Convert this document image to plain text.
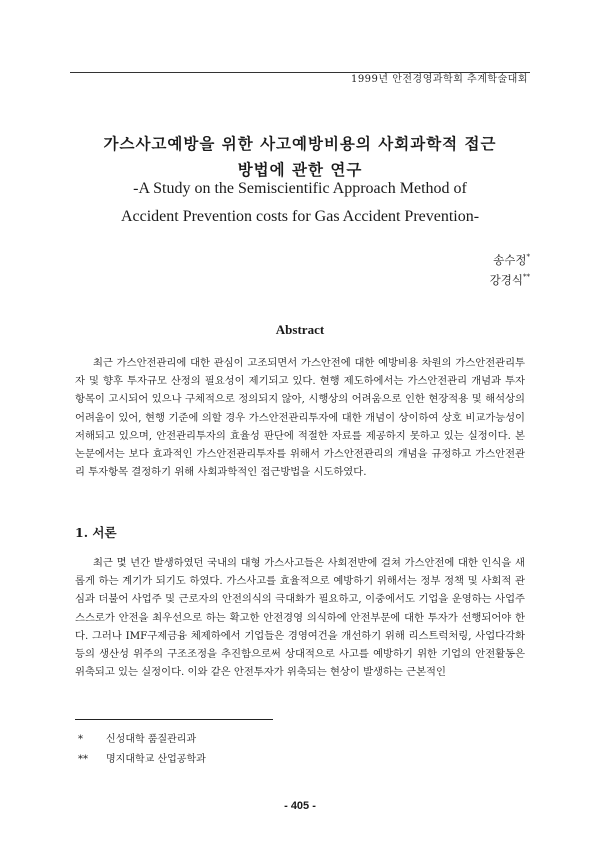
1999년 안전경영과학회 추계학술대회
가스사고예방을 위한 사고예방비용의 사회과학적 접근
방법에 관한 연구
-A Study on the Semiscientific Approach Method of
Accident Prevention costs for Gas Accident Prevention-
송수정*
강경식**
Abstract

최근 가스안전관리에 대한 관심이 고조되면서 가스안전에 대한 예방비용 차원의 가스안전관리투자 및 향후 투자규모 산정의 필요성이 제기되고 있다. 현행 제도하에서는 가스안전관리 개념과 투자항목이 고시되어 있으나 구체적으로 정의되지 않아, 시행상의 어려움으로 인한 현장적용 및 해석상의 어려움이 있어, 현행 기준에 의할 경우 가스안전관리투자에 대한 개념이 상이하여 상호 비교가능성이 저해되고 있으며, 안전관리투자의 효율성 판단에 적절한 자료를 제공하지 못하고 있는 실정이다. 본 논문에서는 보다 효과적인 가스안전관리투자를 위해서 가스안전관리의 개념을 규정하고 가스안전관리 투자항목 결정하기 위해 사회과학적인 접근방법을 시도하였다.

1. 서론

최근 몇 년간 발생하였던 국내의 대형 가스사고들은 사회전반에 걸쳐 가스안전에 대한 인식을 새롭게 하는 계기가 되기도 하였다. 가스사고를 효율적으로 예방하기 위해서는 정부 정책 및 사회적 관심과 더불어 사업주 및 근로자의 안전의식의 극대화가 필요하고, 이중에서도 기업을 운영하는 사업주 스스로가 안전을 최우선으로 하는 확고한 안전경영 의식하에 안전부문에 대한 투자가 선행되어야 한다. 그러나 IMF구제금융 체제하에서 기업들은 경영여건을 개선하기 위해 리스트럭처링, 사업다각화 등의 생산성 위주의 구조조정을 추진함으로써 상대적으로 사고를 예방하기 위한 기업의 안전활동은 위축되고 있는 실정이다. 이와 같은 안전투자가 위축되는 현상이 발생하는 근본적인

* 신성대학 품질관리과
** 명지대학교 산업공학과
- 405 -
